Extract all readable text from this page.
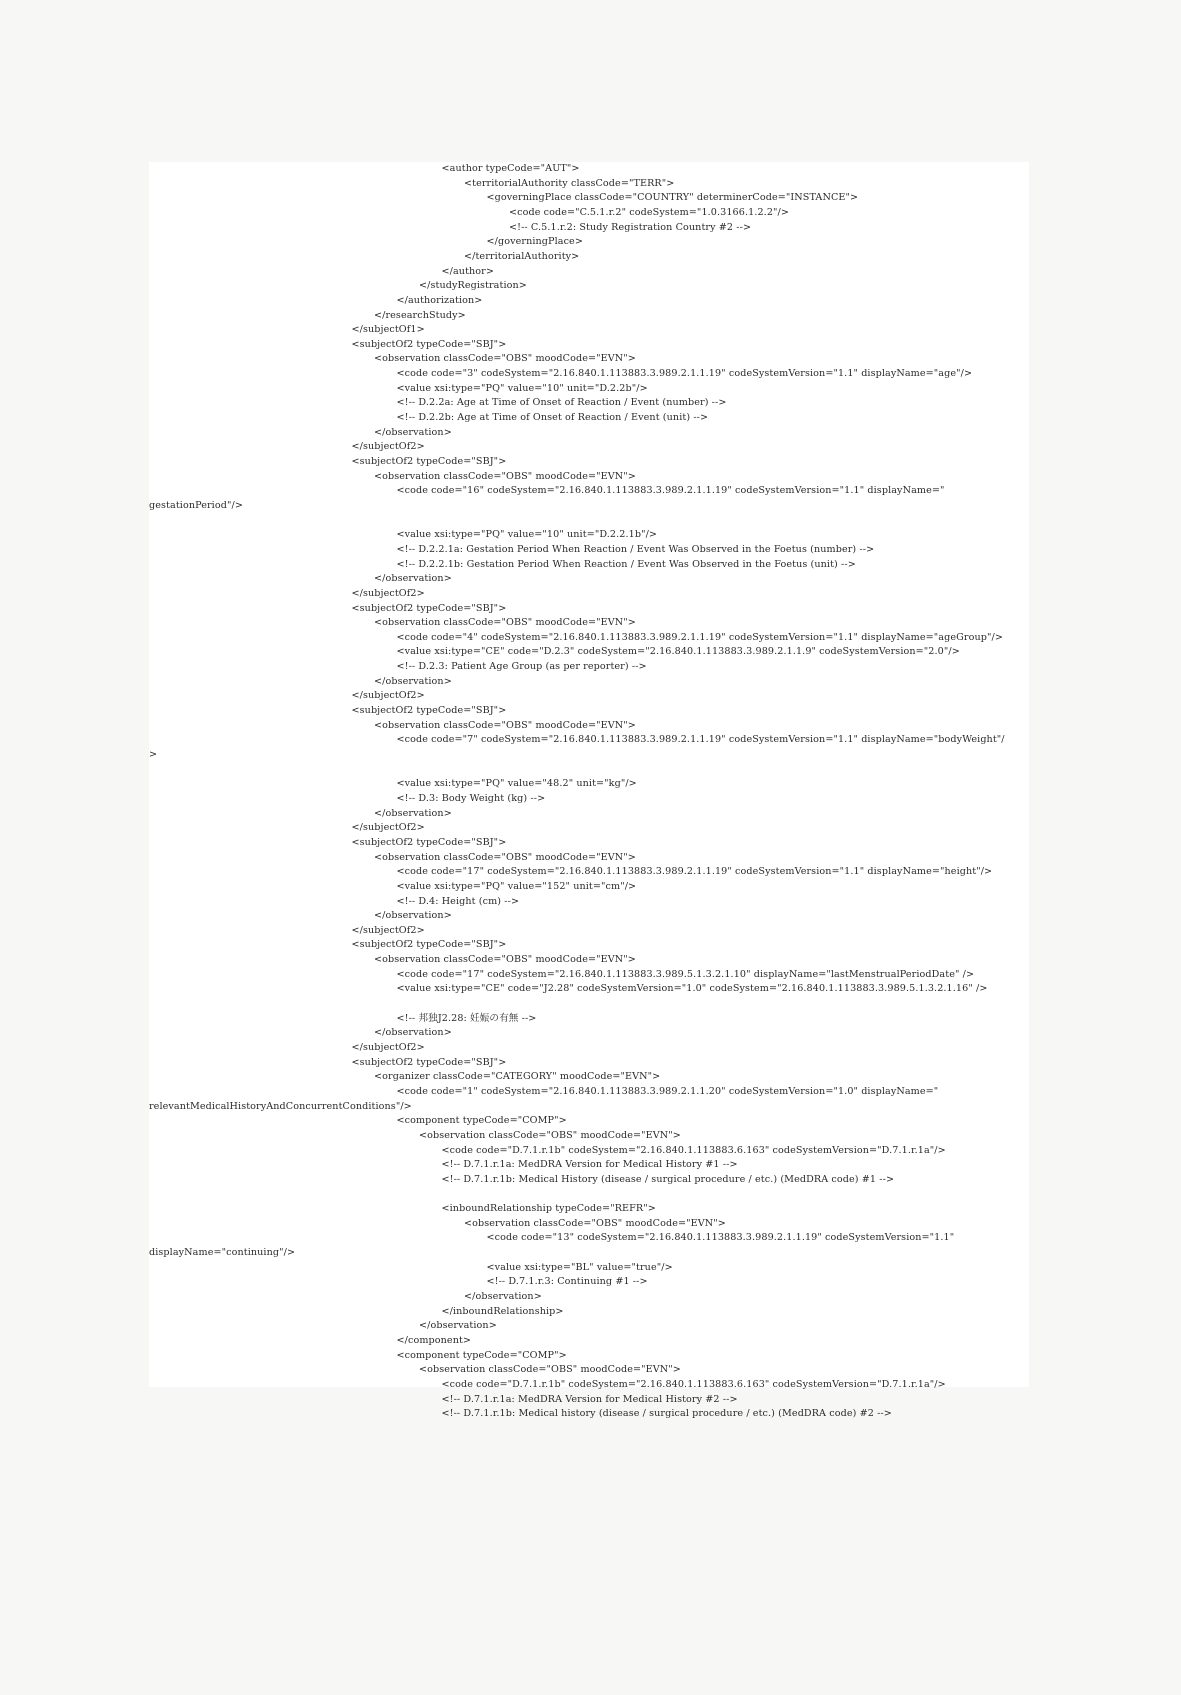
<author typeCode="AUT">
<territorialAuthority classCode="TERR">
<governingPlace classCode="COUNTRY" determinerCode="INSTANCE">
<code code="C.5.1.r.2" codeSystem="1.0.3166.1.2.2"/>
<!-- C.5.1.r.2: Study Registration Country #2 -->
</governingPlace>
</territorialAuthority>
</author>
</studyRegistration>
</authorization>
</researchStudy>
</subjectOf1>
<subjectOf2 typeCode="SBJ">
<observation classCode="OBS" moodCode="EVN">
<code code="3" codeSystem="2.16.840.1.113883.3.989.2.1.1.19" codeSystemVersion="1.1" displayName="age"/>
<value xsi:type="PQ" value="10" unit="D.2.2b"/>
<!-- D.2.2a: Age at Time of Onset of Reaction / Event (number) -->
<!-- D.2.2b: Age at Time of Onset of Reaction / Event (unit) -->
</observation>
</subjectOf2>
<subjectOf2 typeCode="SBJ">
<observation classCode="OBS" moodCode="EVN">
<code code="16" codeSystem="2.16.840.1.113883.3.989.2.1.1.19" codeSystemVersion="1.1" displayName="
gestationPeriod"/>
<value xsi:type="PQ" value="10" unit="D.2.2.1b"/>
<!-- D.2.2.1a: Gestation Period When Reaction / Event Was Observed in the Foetus (number) -->
<!-- D.2.2.1b: Gestation Period When Reaction / Event Was Observed in the Foetus (unit) -->
</observation>
</subjectOf2>
<subjectOf2 typeCode="SBJ">
<observation classCode="OBS" moodCode="EVN">
<code code="4" codeSystem="2.16.840.1.113883.3.989.2.1.1.19" codeSystemVersion="1.1" displayName="ageGroup"/>
<value xsi:type="CE" code="D.2.3" codeSystem="2.16.840.1.113883.3.989.2.1.1.9" codeSystemVersion="2.0"/>
<!-- D.2.3: Patient Age Group (as per reporter) -->
</observation>
</subjectOf2>
<subjectOf2 typeCode="SBJ">
<observation classCode="OBS" moodCode="EVN">
<code code="7" codeSystem="2.16.840.1.113883.3.989.2.1.1.19" codeSystemVersion="1.1" displayName="bodyWeight"/
>
<value xsi:type="PQ" value="48.2" unit="kg"/>
<!-- D.3: Body Weight (kg) -->
</observation>
</subjectOf2>
<subjectOf2 typeCode="SBJ">
<observation classCode="OBS" moodCode="EVN">
<code code="17" codeSystem="2.16.840.1.113883.3.989.2.1.1.19" codeSystemVersion="1.1" displayName="height"/>
<value xsi:type="PQ" value="152" unit="cm"/>
<!-- D.4: Height (cm) -->
</observation>
</subjectOf2>
<subjectOf2 typeCode="SBJ">
<observation classCode="OBS" moodCode="EVN">
<code code="17" codeSystem="2.16.840.1.113883.3.989.5.1.3.2.1.10" displayName="lastMenstrualPeriodDate" />
<value xsi:type="CE" code="J2.28" codeSystemVersion="1.0" codeSystem="2.16.840.1.113883.3.989.5.1.3.2.1.16" />
<!-- 邦独J2.28: 妊娠の有無 -->
</observation>
</subjectOf2>
<subjectOf2 typeCode="SBJ">
<organizer classCode="CATEGORY" moodCode="EVN">
<code code="1" codeSystem="2.16.840.1.113883.3.989.2.1.1.20" codeSystemVersion="1.0" displayName="
relevantMedicalHistoryAndConcurrentConditions"/>
<component typeCode="COMP">
<observation classCode="OBS" moodCode="EVN">
<code code="D.7.1.r.1b" codeSystem="2.16.840.1.113883.6.163" codeSystemVersion="D.7.1.r.1a"/>
<!-- D.7.1.r.1a: MedDRA Version for Medical History #1 -->
<!-- D.7.1.r.1b: Medical History (disease / surgical procedure / etc.) (MedDRA code) #1 -->
<inboundRelationship typeCode="REFR">
<observation classCode="OBS" moodCode="EVN">
<code code="13" codeSystem="2.16.840.1.113883.3.989.2.1.1.19" codeSystemVersion="1.1"
displayName="continuing"/>
<value xsi:type="BL" value="true"/>
<!-- D.7.1.r.3: Continuing #1 -->
</observation>
</inboundRelationship>
</observation>
</component>
<component typeCode="COMP">
<observation classCode="OBS" moodCode="EVN">
<code code="D.7.1.r.1b" codeSystem="2.16.840.1.113883.6.163" codeSystemVersion="D.7.1.r.1a"/>
<!-- D.7.1.r.1a: MedDRA Version for Medical History #2 -->
<!-- D.7.1.r.1b: Medical history (disease / surgical procedure / etc.) (MedDRA code) #2 -->
